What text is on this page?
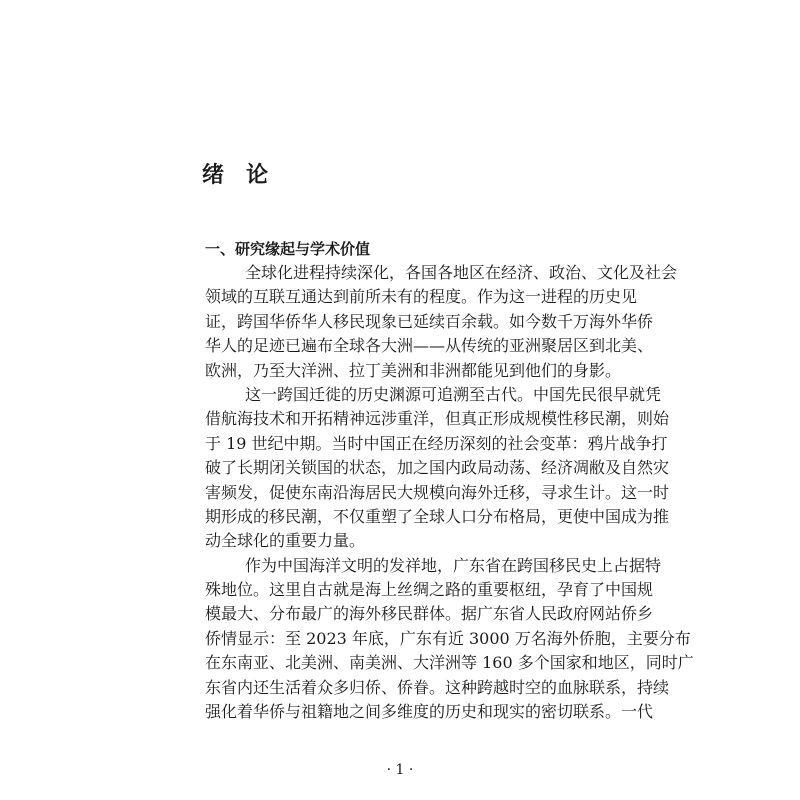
绪 论
一、研究缘起与学术价值
全球化进程持续深化，各国各地区在经济、政治、文化及社会
领域的互联互通达到前所未有的程度。作为这一进程的历史见
证，跨国华侨华人移民现象已延续百余载。如今数千万海外华侨
华人的足迹已遍布全球各大洲——从传统的亚洲聚居区到北美、
欧洲，乃至大洋洲、拉丁美洲和非洲都能见到他们的身影。
这一跨国迁徙的历史渊源可追溯至古代。中国先民很早就凭
借航海技术和开拓精神远涉重洋，但真正形成规模性移民潮，则始
于 19 世纪中期。当时中国正在经历深刻的社会变革：鸦片战争打
破了长期闭关锁国的状态，加之国内政局动荡、经济凋敝及自然灾
害频发，促使东南沿海居民大规模向海外迁移，寻求生计。这一时
期形成的移民潮，不仅重塑了全球人口分布格局，更使中国成为推
动全球化的重要力量。
作为中国海洋文明的发祥地，广东省在跨国移民史上占据特
殊地位。这里自古就是海上丝绸之路的重要枢纽，孕育了中国规
模最大、分布最广的海外移民群体。据广东省人民政府网站侨乡
侨情显示：至 2023 年底，广东有近 3000 万名海外侨胞，主要分布
在东南亚、北美洲、南美洲、大洋洲等 160 多个国家和地区，同时广
东省内还生活着众多归侨、侨眷。这种跨越时空的血脉联系，持续
强化着华侨与祖籍地之间多维度的历史和现实的密切联系。一代
· 1 ·
